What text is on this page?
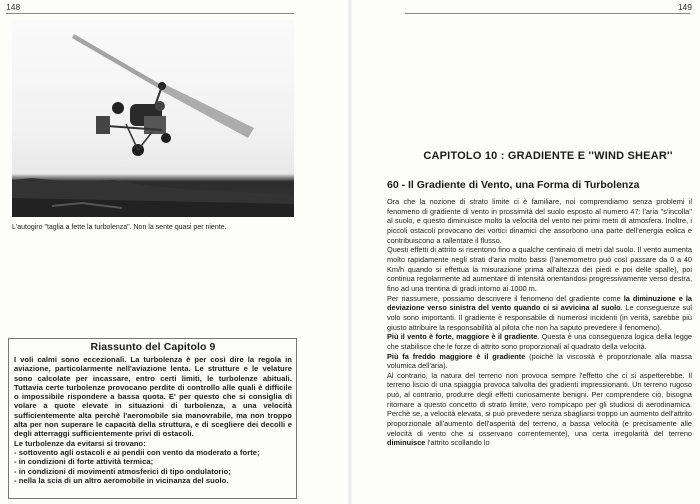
148
L'autogiro "taglia a fette la turbolenza". Non la sente quasi per niente.
Riassunto del Capitolo 9

I voli calmi sono eccezionali. La turbolenza è per così dire la regola in aviazione, particolarmente nell'aviazione lenta. Le strutture e le velature sono calcolate per incassare, entro certi limiti, le turbolenze abituali. Tuttavia certe turbolenze provocano perdite di controllo alle quali è difficile o impossibile rispondere a bassa quota. E' per questo che si consiglia di volare a quote elevate in situazioni di turbolenza, a una velocità sufficientemente alta perchè l'aeromobile sia manovrabile, ma non troppo alta per non superare le capacità della struttura, e di scegliere dei decolli e degli atterraggi sufficientemente privi di ostacoli.

Le turbolenze da evitarsi si trovano:

- sottovento agli ostacoli e ai pendii con vento da moderato a forte;

- in condizioni di forte attività termica;

- in condizioni di movimenti atmosferici di tipo ondulatorio;

- nella la scia di un altro aeromobile in vicinanza del suolo.

149
CAPITOLO 10 : GRADIENTE E ''WIND SHEAR''
60 - Il Gradiente di Vento, una Forma di Turbolenza

Ora che la nozione di strato limite ci è familiare, noi comprendiamo senza problemi il fenomeno di gradiente di vento in prossimità del suolo esposto al numero 47: l'aria ''s'incolla'' al suolo, e questo diminuisce molto la velocità del vento nei primi metri di atmosfera. Inoltre, i piccoli ostacoli provocano dei vortici dinamici che assorbono una parte dell'energia eolica e contribuiscono a rallentare il flusso.

Questi effetti di attrito si risentono fino a qualche centinaio di metri dal suolo. Il vento aumenta molto rapidamente negli strati d'aria molto bassi (l'anemometro può così passare da 0 a 40 Km/h quando si effettua la misurazione prima all'altezza dei piedi e poi delle spalle), poi continua regolarmente ad aumentare di intensità orientandosi progressivamente verso destra, fino ad una trentina di gradi intorno ai 1000 m.

Per riassumere, possiamo descrivere il fenomeno del gradiente come la diminuzione e la deviazione verso sinistra del vento quando ci si avvicina al suolo. Le conseguenze sul volo sono importanti. Il gradiente è responsabile di numerosi incidenti (in verità, sarebbe più giusto attribuire la responsabilità al pilota che non ha saputo prevedere il fenomeno).

Più il vento è forte, maggiore è il gradiente. Questa è una conseguenza logica della legge che stabilisce che le forze di attrito sono proporzionali al quadrato della velocità.

Più fa freddo maggiore è il gradiente (poichè la viscosità è proporzionale alla massa volumica dell'aria).

Al contrario, la natura del terreno non provoca sempre l'effetto che ci si aspetterebbe. Il terreno liscio di una spiaggia provoca talvolta dei gradienti impressionanti. Un terreno rugoso può, al contrario, produrre degli effetti curiosamente benigni. Per comprendere ciò, bisogna ritornare a questo concetto di strato limite, vero rompicapo per gli studiosi di aerodinamica. Perchè se, a velocità elevata, si può prevedere senza sbagliarsi troppo un aumento dell'attrito proporzionale all'aumento dell'asperità del terreno, a bassa velocità (e precisamente alle velocità di vento che si osservano correntemente), una certa irregolarità del terreno diminuisce l'attrito scollando lo
